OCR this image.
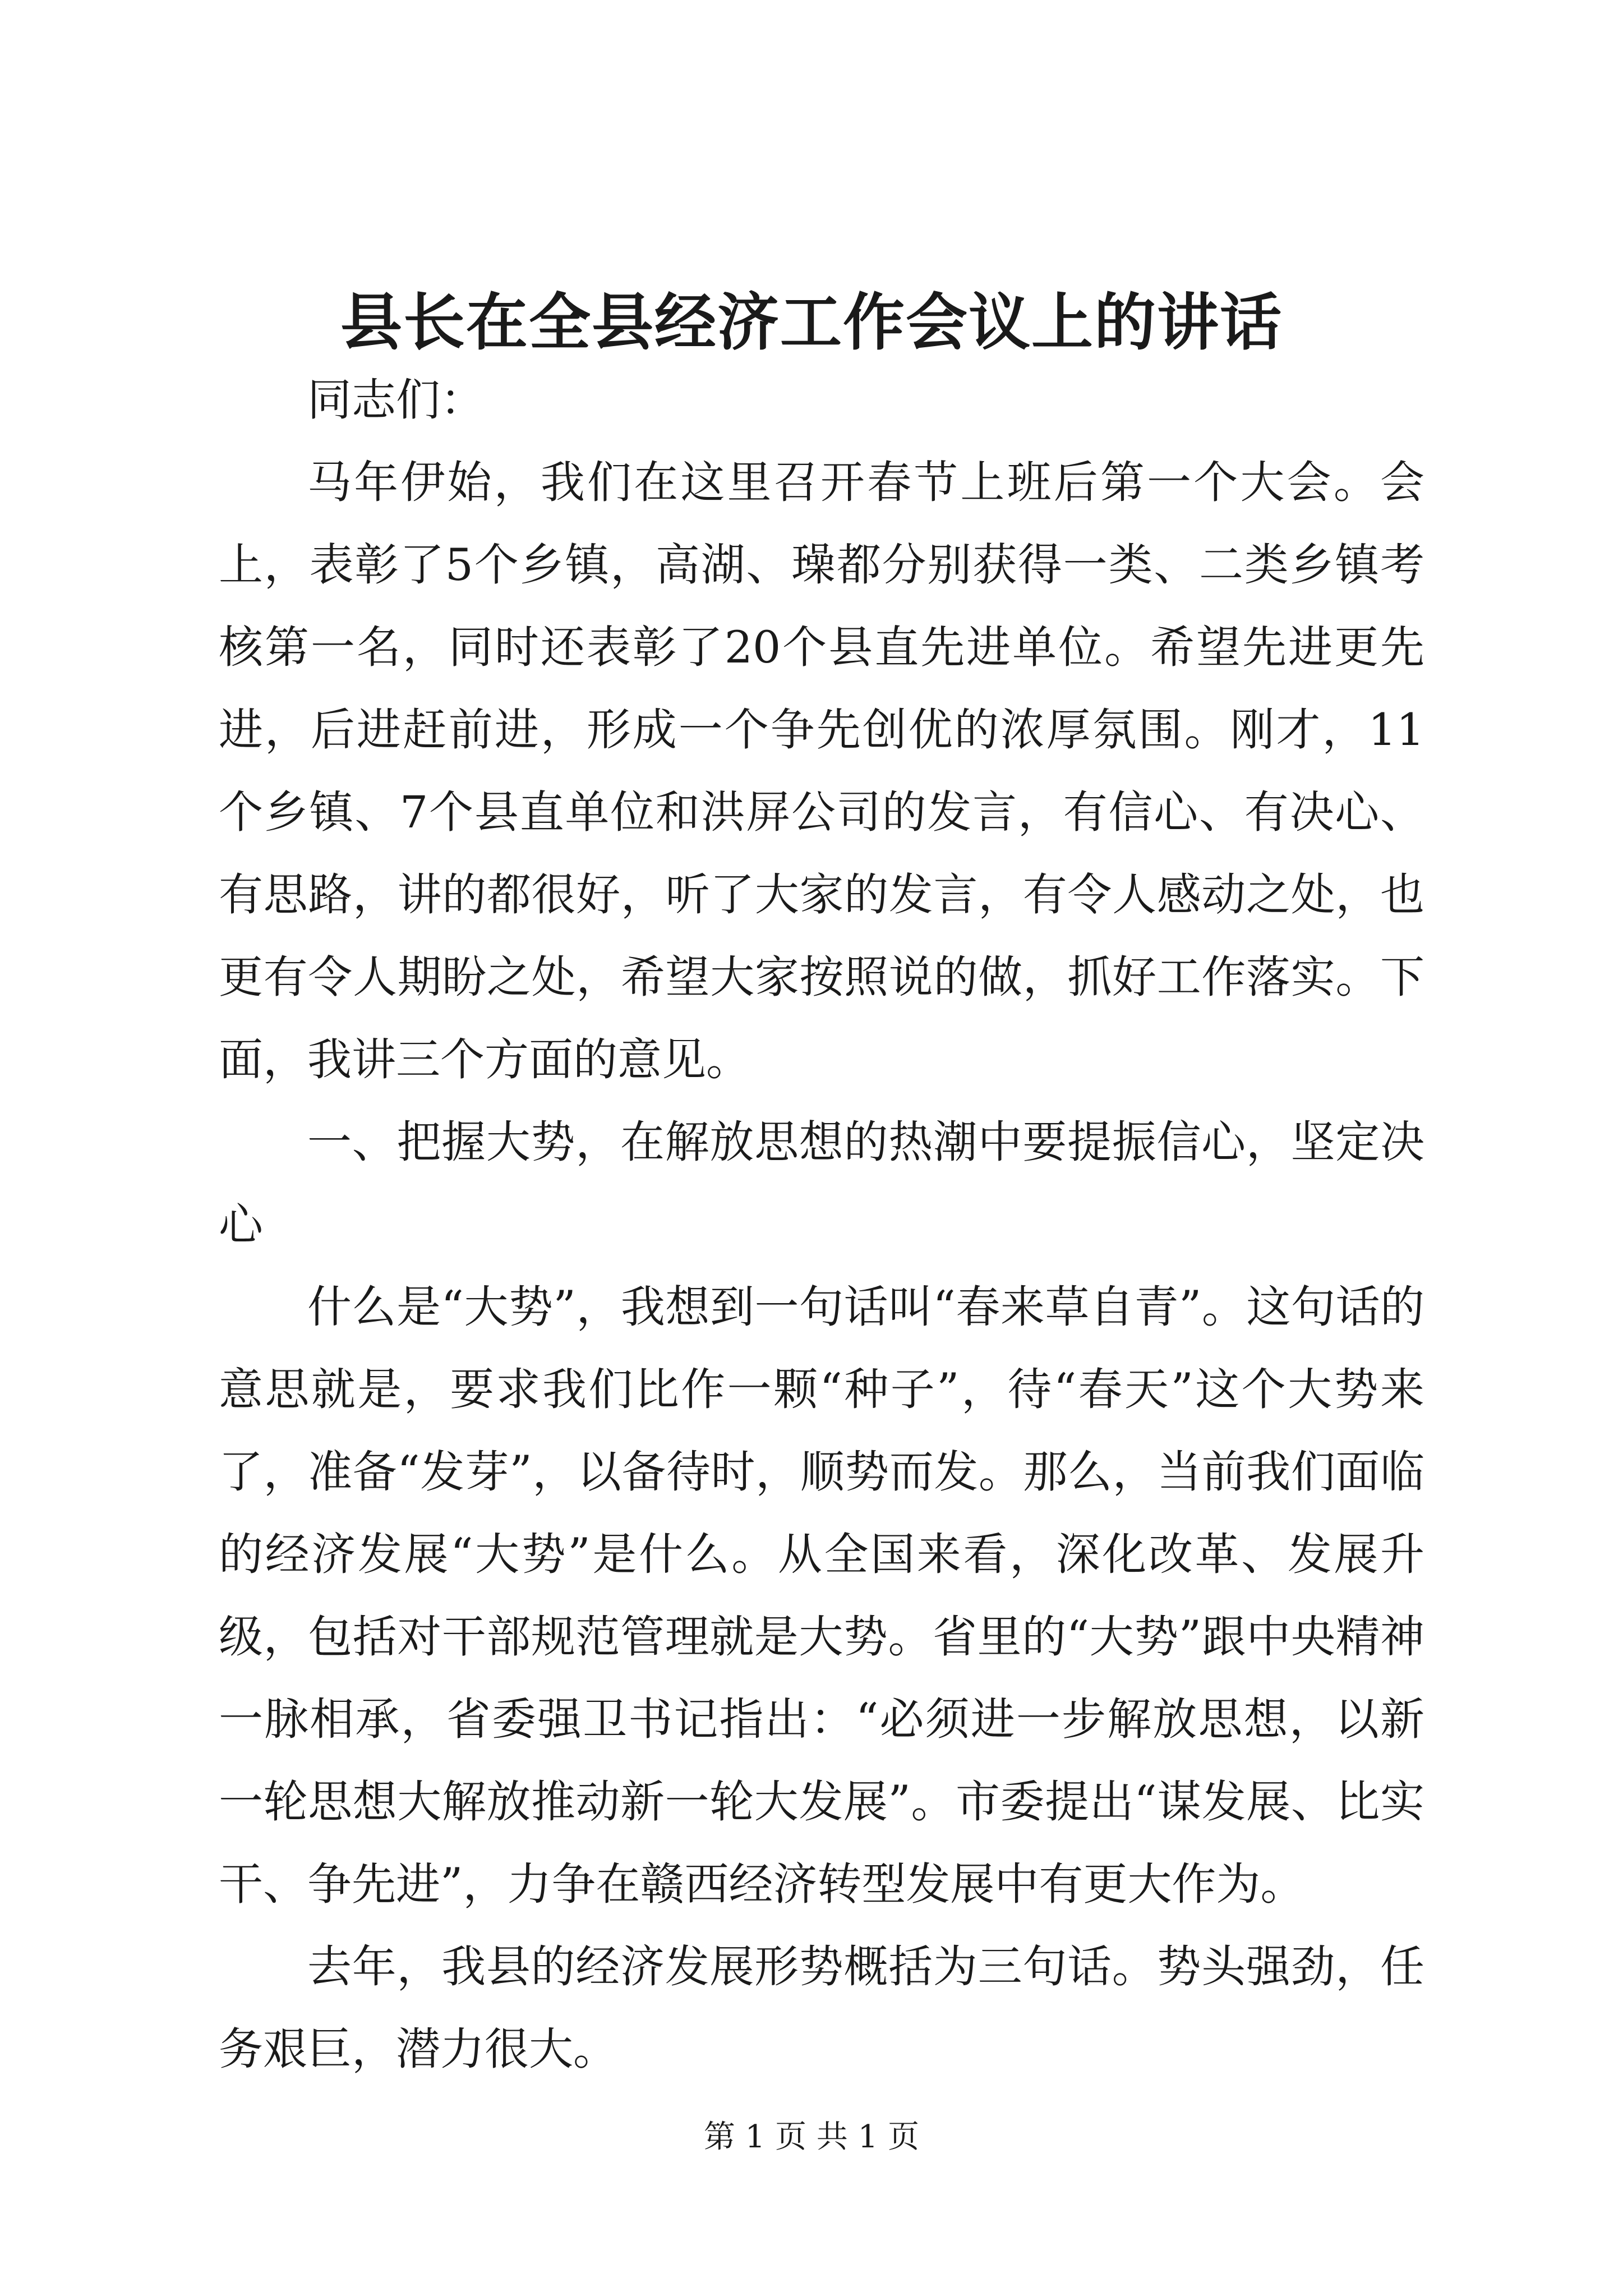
县长在全县经济工作会议上的讲话

同志们：

马年伊始，我们在这里召开春节上班后第一个大会。会上，表彰了5个乡镇，高湖、璪都分别获得一类、二类乡镇考核第一名，同时还表彰了20个县直先进单位。希望先进更先进，后进赶前进，形成一个争先创优的浓厚氛围。刚才，11个乡镇、7个县直单位和洪屏公司的发言，有信心、有决心、有思路，讲的都很好，听了大家的发言，有令人感动之处，也更有令人期盼之处，希望大家按照说的做，抓好工作落实。下面，我讲三个方面的意见。

一、把握大势，在解放思想的热潮中要提振信心，坚定决心

什么是“大势”，我想到一句话叫“春来草自青”。这句话的意思就是，要求我们比作一颗“种子”，待“春天”这个大势来了，准备“发芽”，以备待时，顺势而发。那么，当前我们面临的经济发展“大势”是什么。从全国来看，深化改革、发展升级，包括对干部规范管理就是大势。省里的“大势”跟中央精神一脉相承，省委强卫书记指出：“必须进一步解放思想，以新一轮思想大解放推动新一轮大发展”。市委提出“谋发展、比实干、争先进”，力争在赣西经济转型发展中有更大作为。

去年，我县的经济发展形势概括为三句话。势头强劲，任务艰巨，潜力很大。

第 1 页 共 1 页
